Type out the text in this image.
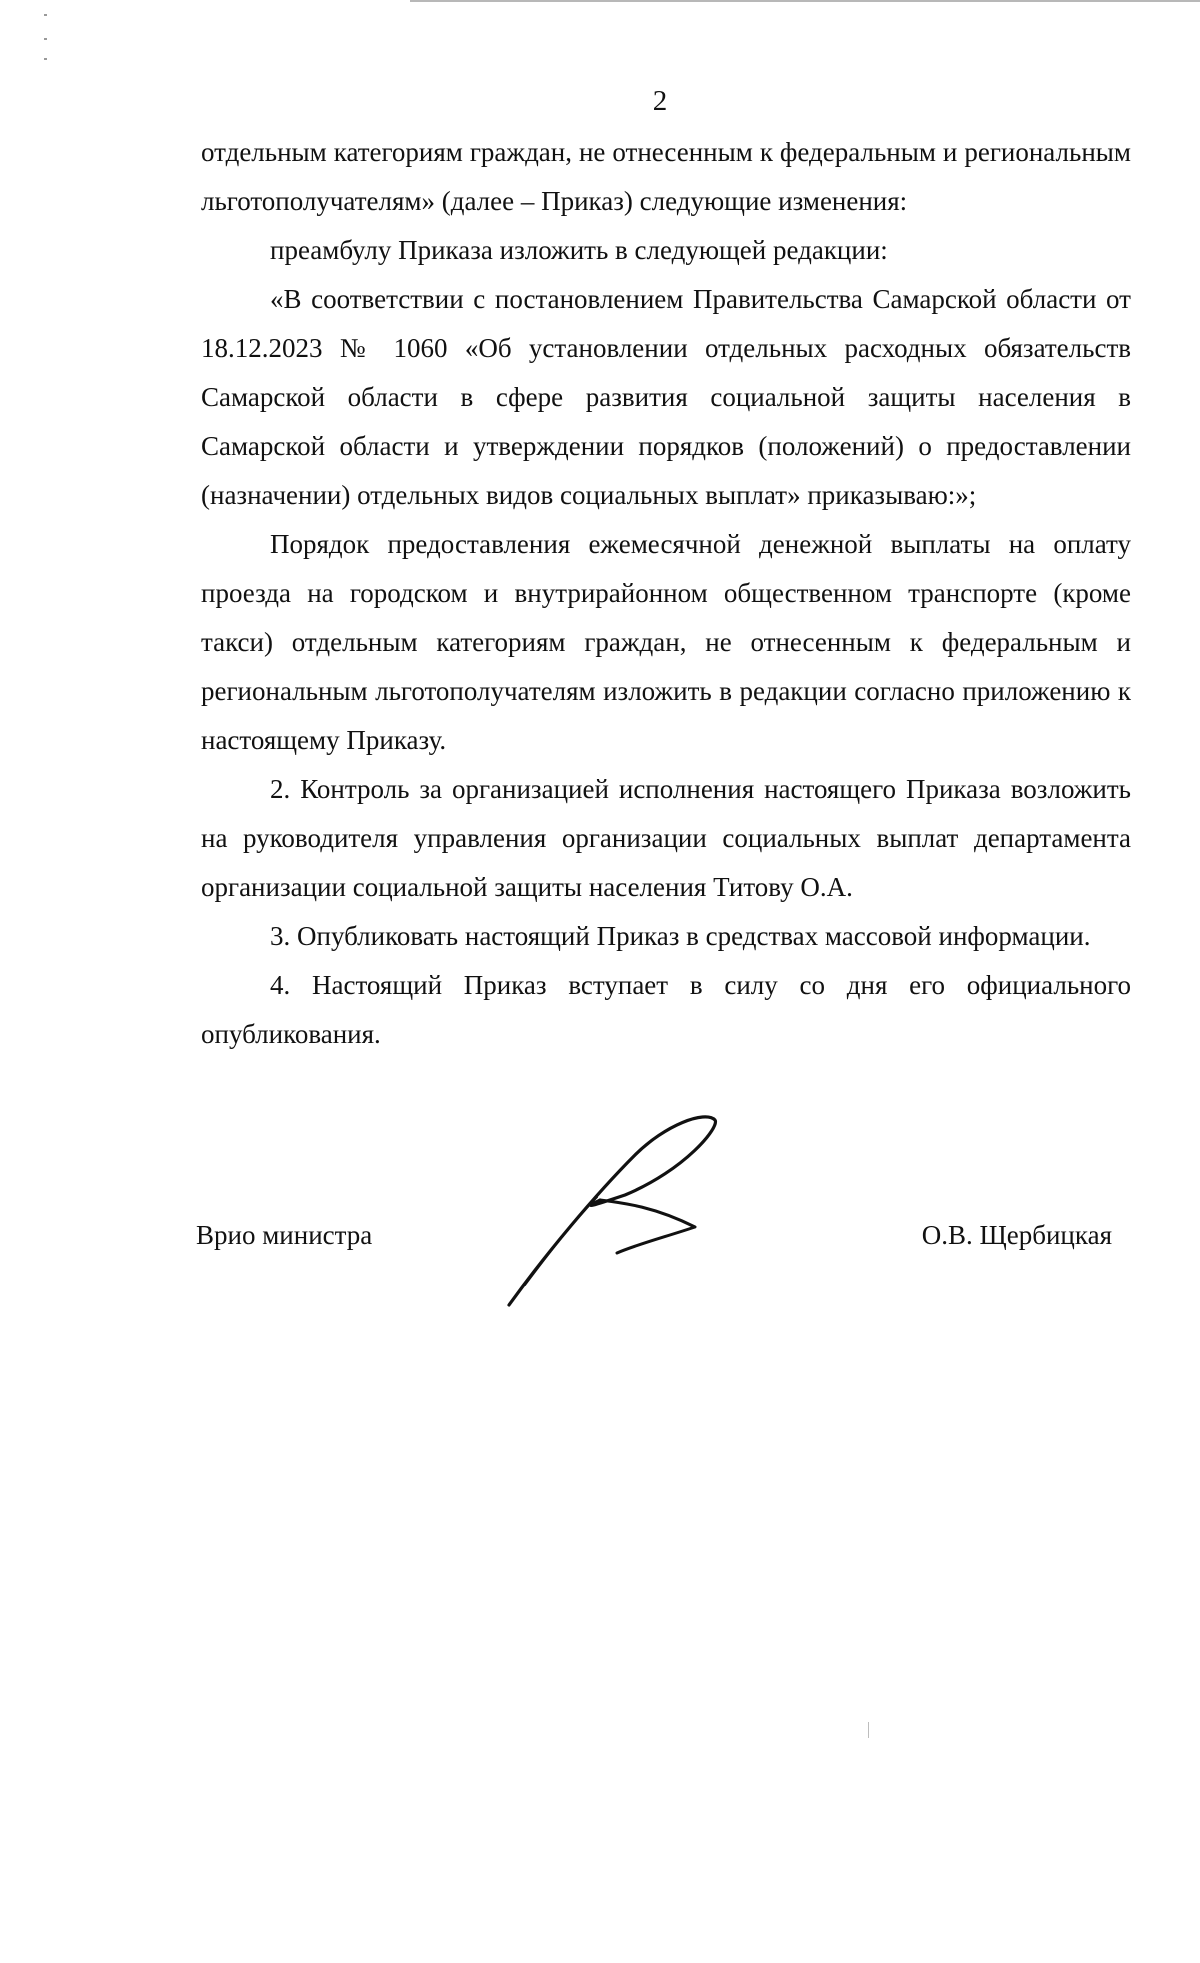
2

отдельным категориям граждан, не отнесенным к федеральным и региональным льготополучателям» (далее – Приказ) следующие изменения:

преамбулу Приказа изложить в следующей редакции:

«В соответствии с постановлением Правительства Самарской области от 18.12.2023 № 1060 «Об установлении отдельных расходных обязательств Самарской области в сфере развития социальной защиты населения в Самарской области и утверждении порядков (положений) о предоставлении (назначении) отдельных видов социальных выплат» приказываю:»;

Порядок предоставления ежемесячной денежной выплаты на оплату проезда на городском и внутрирайонном общественном транспорте (кроме такси) отдельным категориям граждан, не отнесенным к федеральным и региональным льготополучателям изложить в редакции согласно приложению к настоящему Приказу.

2. Контроль за организацией исполнения настоящего Приказа возложить на руководителя управления организации социальных выплат департамента организации социальной защиты населения Титову О.А.

3. Опубликовать настоящий Приказ в средствах массовой информации.

4. Настоящий Приказ вступает в силу со дня его официального опубликования.

Врио министра	О.В. Щербицкая
